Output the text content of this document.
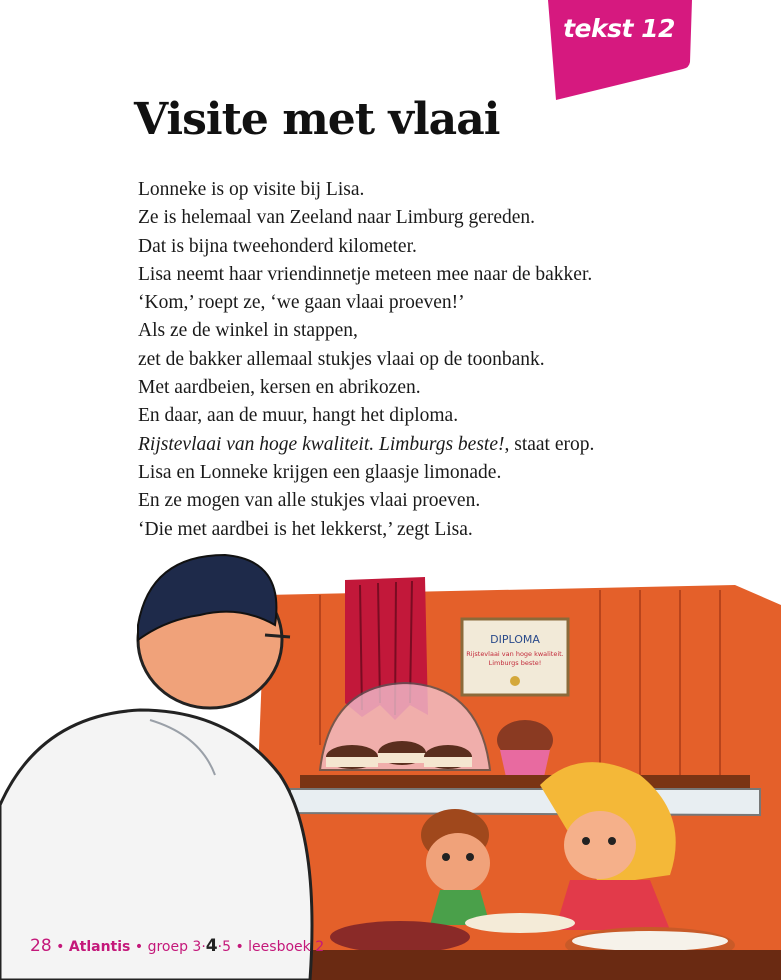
tekst 12
Visite met vlaai
Lonneke is op visite bij Lisa.
Ze is helemaal van Zeeland naar Limburg gereden.
Dat is bijna tweehonderd kilometer.
Lisa neemt haar vriendinnetje meteen mee naar de bakker.
‘Kom,’ roept ze, ‘we gaan vlaai proeven!’
Als ze de winkel in stappen,
zet de bakker allemaal stukjes vlaai op de toonbank.
Met aardbeien, kersen en abrikozen.
En daar, aan de muur, hangt het diploma.
Rijstevlaai van hoge kwaliteit. Limburgs beste!, staat erop.
Lisa en Lonneke krijgen een glaasje limonade.
En ze mogen van alle stukjes vlaai proeven.
‘Die met aardbei is het lekkerst,’ zegt Lisa.
DIPLOMA
Rijstevlaai van hoge kwaliteit.
Limburgs beste!
28 • Atlantis • groep 3·4·5 • leesboek 2
